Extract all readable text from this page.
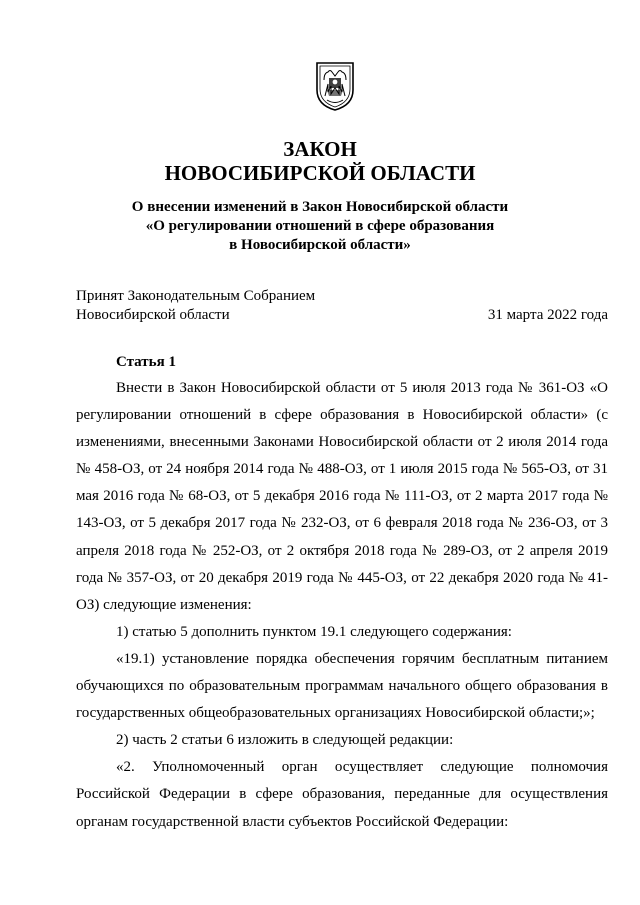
ЗАКОН
НОВОСИБИРСКОЙ ОБЛАСТИ
О внесении изменений в Закон Новосибирской области
«О регулировании отношений в сфере образования
в Новосибирской области»
Принят Законодательным Собранием
Новосибирской области	31 марта 2022 года
Статья 1

Внести в Закон Новосибирской области от 5 июля 2013 года № 361-ОЗ «О регулировании отношений в сфере образования в Новосибирской области» (с изменениями, внесенными Законами Новосибирской области от 2 июля 2014 года № 458-ОЗ, от 24 ноября 2014 года № 488-ОЗ, от 1 июля 2015 года № 565-ОЗ, от 31 мая 2016 года № 68-ОЗ, от 5 декабря 2016 года № 111-ОЗ, от 2 марта 2017 года № 143-ОЗ, от 5 декабря 2017 года № 232-ОЗ, от 6 февраля 2018 года № 236-ОЗ, от 3 апреля 2018 года № 252-ОЗ, от 2 октября 2018 года № 289-ОЗ, от 2 апреля 2019 года № 357-ОЗ, от 20 декабря 2019 года № 445-ОЗ, от 22 декабря 2020 года № 41-ОЗ) следующие изменения:

1) статью 5 дополнить пунктом 19.1 следующего содержания:

«19.1) установление порядка обеспечения горячим бесплатным питанием обучающихся по образовательным программам начального общего образования в государственных общеобразовательных организациях Новосибирской области;»;

2) часть 2 статьи 6 изложить в следующей редакции:

«2. Уполномоченный орган осуществляет следующие полномочия Российской Федерации в сфере образования, переданные для осуществления органам государственной власти субъектов Российской Федерации:
